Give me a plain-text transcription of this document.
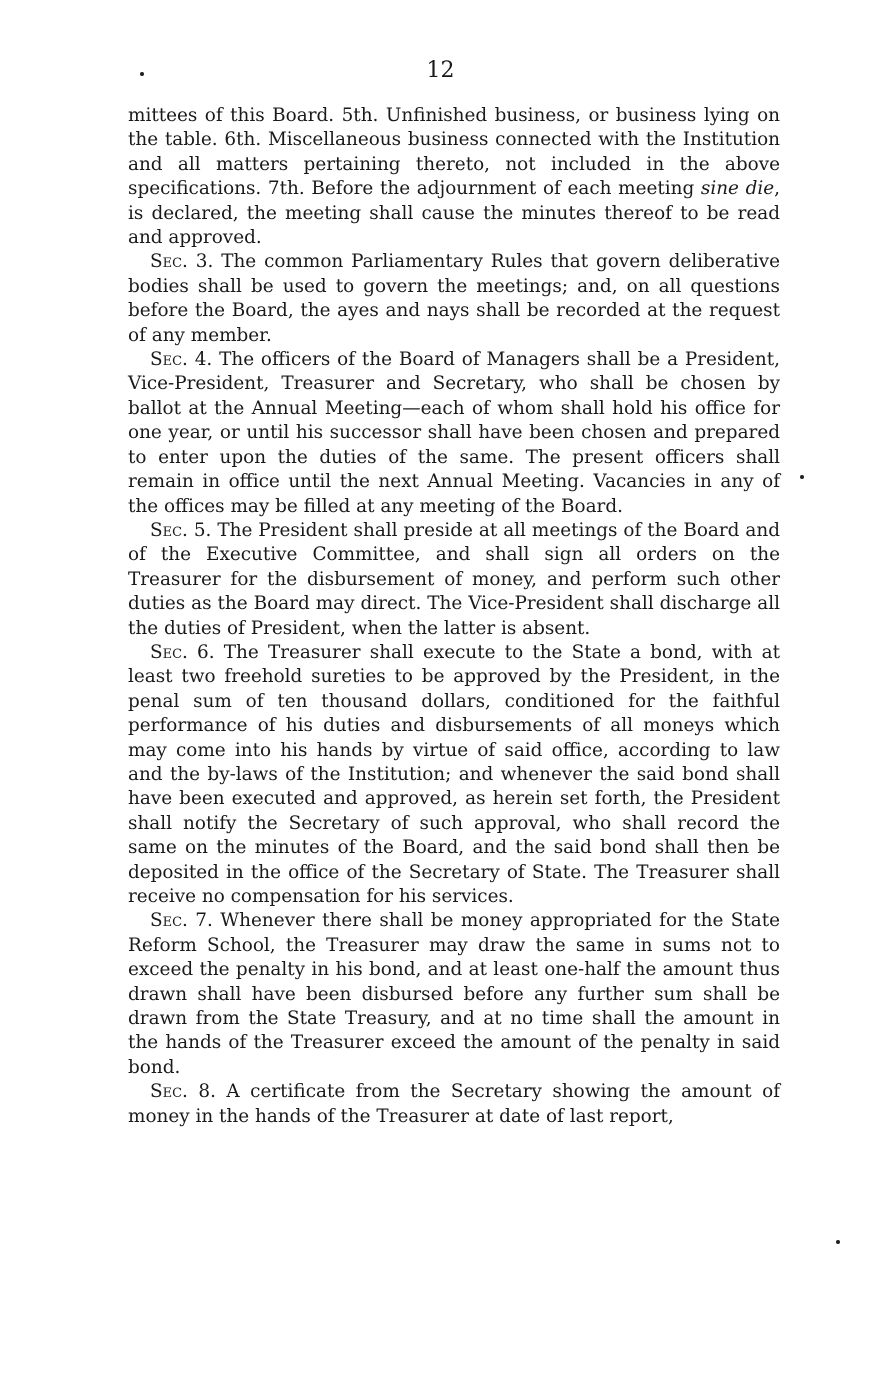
12

mittees of this Board. 5th. Unfinished business, or business lying on the table. 6th. Miscellaneous business connected with the Institution and all matters pertaining thereto, not included in the above specifications. 7th. Before the adjournment of each meeting sine die, is declared, the meeting shall cause the minutes thereof to be read and approved.

Sec. 3. The common Parliamentary Rules that govern deliberative bodies shall be used to govern the meetings; and, on all questions before the Board, the ayes and nays shall be recorded at the request of any member.

Sec. 4. The officers of the Board of Managers shall be a President, Vice-President, Treasurer and Secretary, who shall be chosen by ballot at the Annual Meeting—each of whom shall hold his office for one year, or until his successor shall have been chosen and prepared to enter upon the duties of the same. The present officers shall remain in office until the next Annual Meeting. Vacancies in any of the offices may be filled at any meeting of the Board.

Sec. 5. The President shall preside at all meetings of the Board and of the Executive Committee, and shall sign all orders on the Treasurer for the disbursement of money, and perform such other duties as the Board may direct. The Vice-President shall discharge all the duties of President, when the latter is absent.

Sec. 6. The Treasurer shall execute to the State a bond, with at least two freehold sureties to be approved by the President, in the penal sum of ten thousand dollars, conditioned for the faithful performance of his duties and disbursements of all moneys which may come into his hands by virtue of said office, according to law and the by-laws of the Institution; and whenever the said bond shall have been executed and approved, as herein set forth, the President shall notify the Secretary of such approval, who shall record the same on the minutes of the Board, and the said bond shall then be deposited in the office of the Secretary of State. The Treasurer shall receive no compensation for his services.

Sec. 7. Whenever there shall be money appropriated for the State Reform School, the Treasurer may draw the same in sums not to exceed the penalty in his bond, and at least one-half the amount thus drawn shall have been disbursed before any further sum shall be drawn from the State Treasury, and at no time shall the amount in the hands of the Treasurer exceed the amount of the penalty in said bond.

Sec. 8. A certificate from the Secretary showing the amount of money in the hands of the Treasurer at date of last report,
